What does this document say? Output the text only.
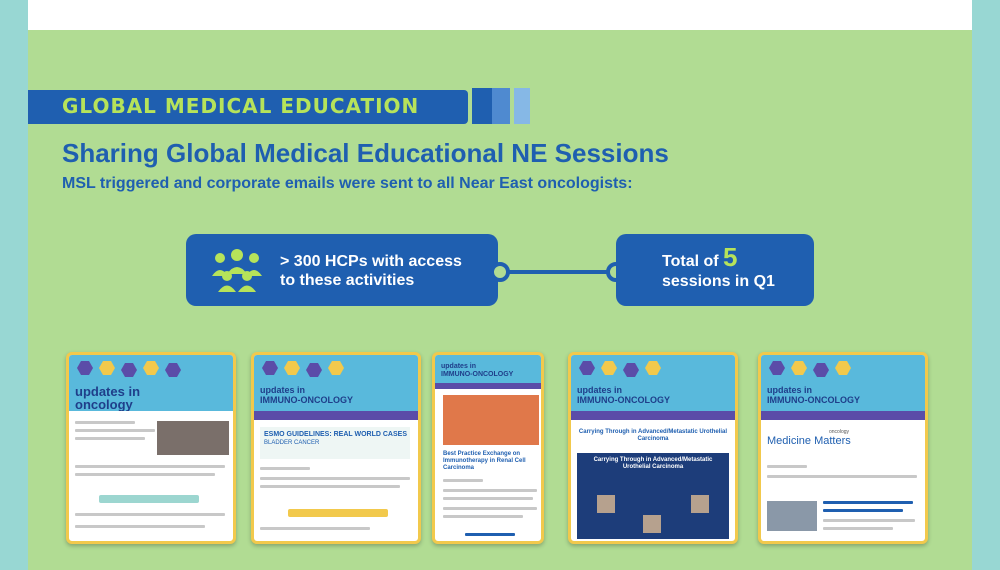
GLOBAL MEDICAL EDUCATION
Sharing Global Medical Educational NE Sessions
MSL triggered and corporate emails were sent to all Near East oncologists:
> 300 HCPs with access
to these activities
Total of 5
sessions in Q1
updates in
oncology
updates in
IMMUNO-ONCOLOGY
ESMO GUIDELINES: REAL WORLD CASES
BLADDER CANCER
updates in
IMMUNO-ONCOLOGY
Best Practice Exchange on Immunotherapy in Renal Cell Carcinoma
updates in
IMMUNO-ONCOLOGY
Carrying Through in Advanced/Metastatic Urothelial Carcinoma
Carrying Through in Advanced/Metastatic Urothelial Carcinoma
updates in
IMMUNO-ONCOLOGY
oncology
Medicine Matters
